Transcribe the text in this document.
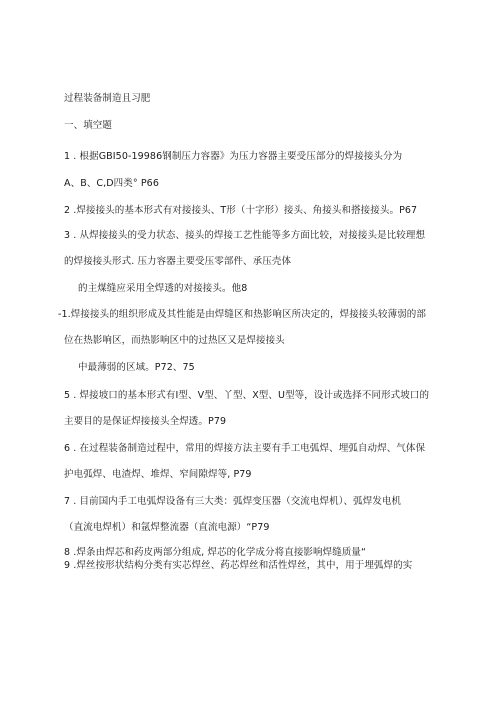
过程装备制造且习肥
一、填空题
1 . 根据GBI50-19986钢制压力容器》为压力容器主要受压部分的焊接接头分为
A、B、C,D四类° P66
2 .焊接接头的基本形式有对接接头、T形（十字形）接头、角接头和搭接接头。P67
3 . 从焊接接头的受力状态、接头的焊接工艺性能等多方面比较，对接接头是比较理想
的焊接接头形式. 压力容器主要受压零部件、承压壳体
的主煤缝应采用全焊透的对接接头。他8
-1.焊接接头的组织形成及其性能是由焊缝区和热影响区所决定的，焊接接头较薄弱的部
位在热影响区，而热影响区中的过热区又是焊接接头
中最薄弱的区域。P72、75
5 . 焊接坡口的基本形式有I型、V型、丫型、X型、U型等，设计或选择不同形式坡口的
主要目的是保证焊接接头全焊透。P79
6 . 在过程装备制造过程中，常用的焊接方法主要有手工电弧焊、埋弧自动焊、气体保
护电弧焊、电渣焊、堆焊、窄间隙焊等, P79
7 . 目前国内手工电弧焊设备有三大类：弧焊变压器（交流电焊机）、弧焊发电机
（直流电焊机）和氩焊整流器（直流电源）“P79
8 .焊条由焊芯和药皮两部分组成, 焊芯的化学成分将直接影响焊缝质量“
9 .焊丝按形状结构分类有实芯焊丝、药芯焊丝和活性焊丝，其中，用于埋弧焊的实
